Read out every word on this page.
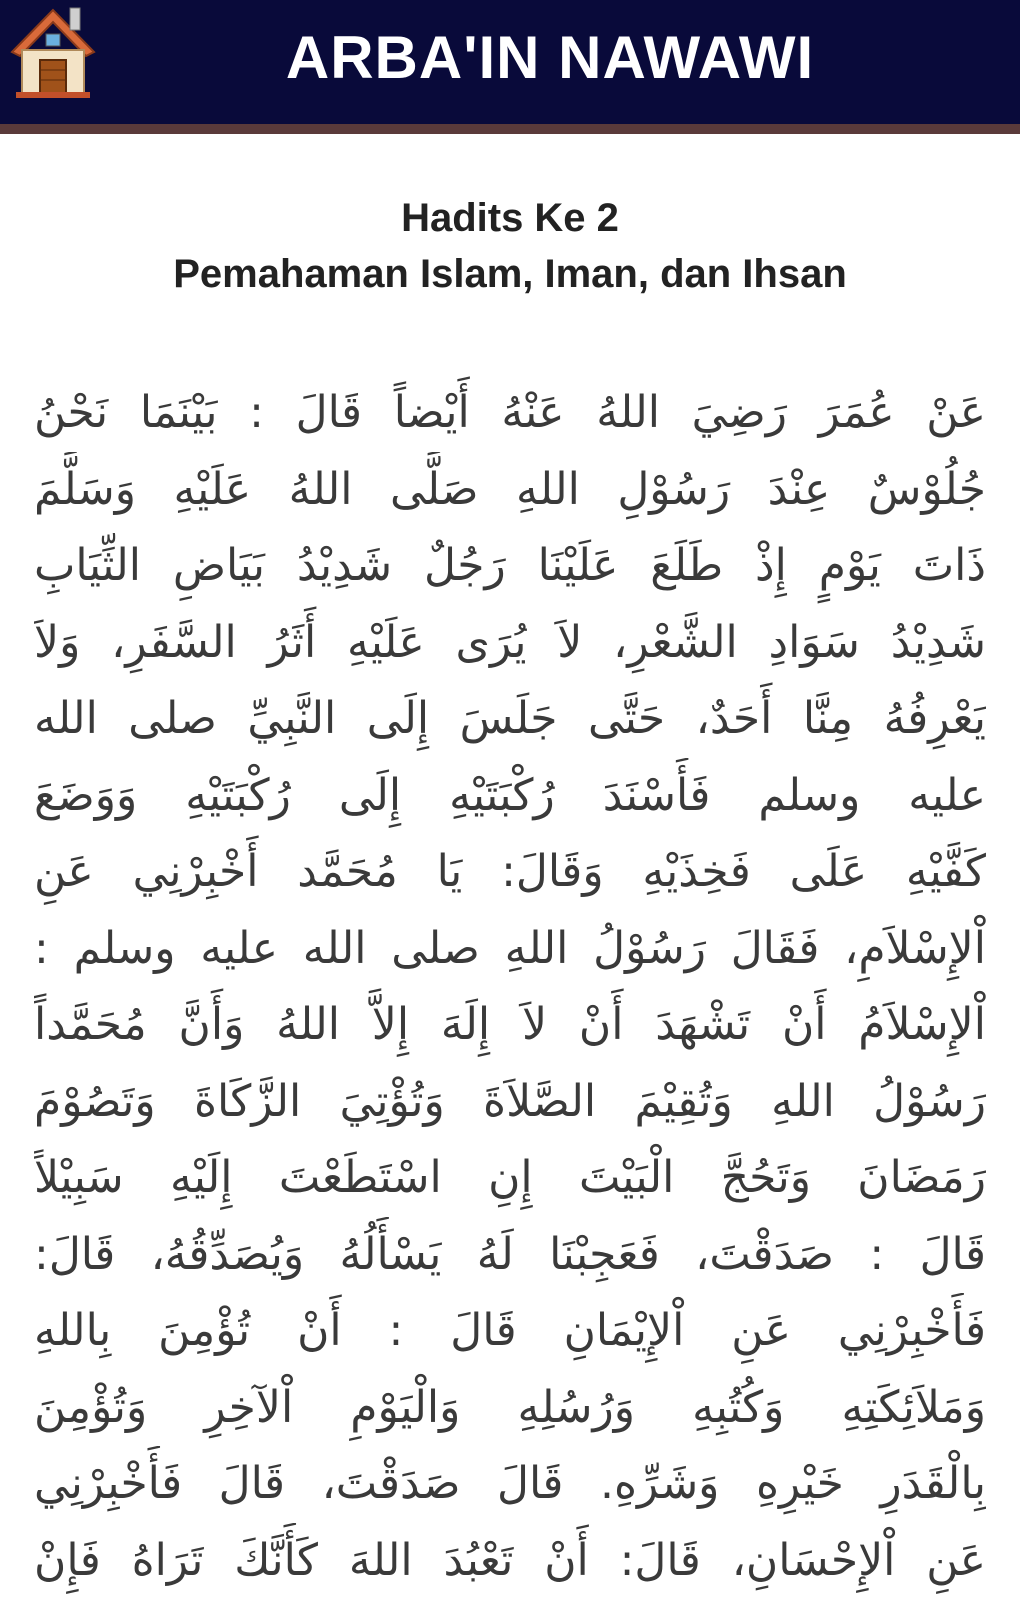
ARBA'IN NAWAWI
Hadits Ke 2
Pemahaman Islam, Iman, dan Ihsan
عَنْ عُمَرَ رَضِيَ اللهُ عَنْهُ أَيْضاً قَالَ : بَيْنَمَا نَحْنُ
جُلُوْسٌ عِنْدَ رَسُوْلِ اللهِ صَلَّى اللهُ عَلَيْهِ وَسَلَّمَ
ذَاتَ يَوْمٍ إِذْ طَلَعَ عَلَيْنَا رَجُلٌ شَدِيْدُ بَيَاضِ الثِّيَابِ
شَدِيْدُ سَوَادِ الشَّعْرِ، لاَ يُرَى عَلَيْهِ أَثَرُ السَّفَرِ، وَلاَ
يَعْرِفُهُ مِنَّا أَحَدٌ، حَتَّى جَلَسَ إِلَى النَّبِيِّ صلى الله
عليه وسلم فَأَسْنَدَ رُكْبَتَيْهِ إِلَى رُكْبَتَيْهِ وَوَضَعَ
كَفَّيْهِ عَلَى فَخِذَيْهِ وَقَالَ: يَا مُحَمَّد أَخْبِرْنِي عَنِ
اْلإِسْلاَمِ، فَقَالَ رَسُوْلُ اللهِ صلى الله عليه وسلم :
اْلإِسْلاَمُ أَنْ تَشْهَدَ أَنْ لاَ إِلَهَ إِلاَّ اللهُ وَأَنَّ مُحَمَّداً
رَسُوْلُ اللهِ وَتُقِيْمَ الصَّلاَةَ وَتُؤْتِيَ الزَّكَاةَ وَتَصُوْمَ
رَمَضَانَ وَتَحُجَّ الْبَيْتَ إِنِ اسْتَطَعْتَ إِلَيْهِ سَبِيْلاً
قَالَ : صَدَقْتَ، فَعَجِبْنَا لَهُ يَسْأَلُهُ وَيُصَدِّقُهُ، قَالَ:
فَأَخْبِرْنِي عَنِ اْلإِيْمَانِ قَالَ : أَنْ تُؤْمِنَ بِاللهِ
وَمَلاَئِكَتِهِ وَكُتُبِهِ وَرُسُلِهِ وَالْيَوْمِ اْلآخِرِ وَتُؤْمِنَ
بِالْقَدَرِ خَيْرِهِ وَشَرِّهِ. قَالَ صَدَقْتَ، قَالَ فَأَخْبِرْنِي
عَنِ اْلإِحْسَانِ، قَالَ: أَنْ تَعْبُدَ اللهَ كَأَنَّكَ تَرَاهُ فَإِنْ
